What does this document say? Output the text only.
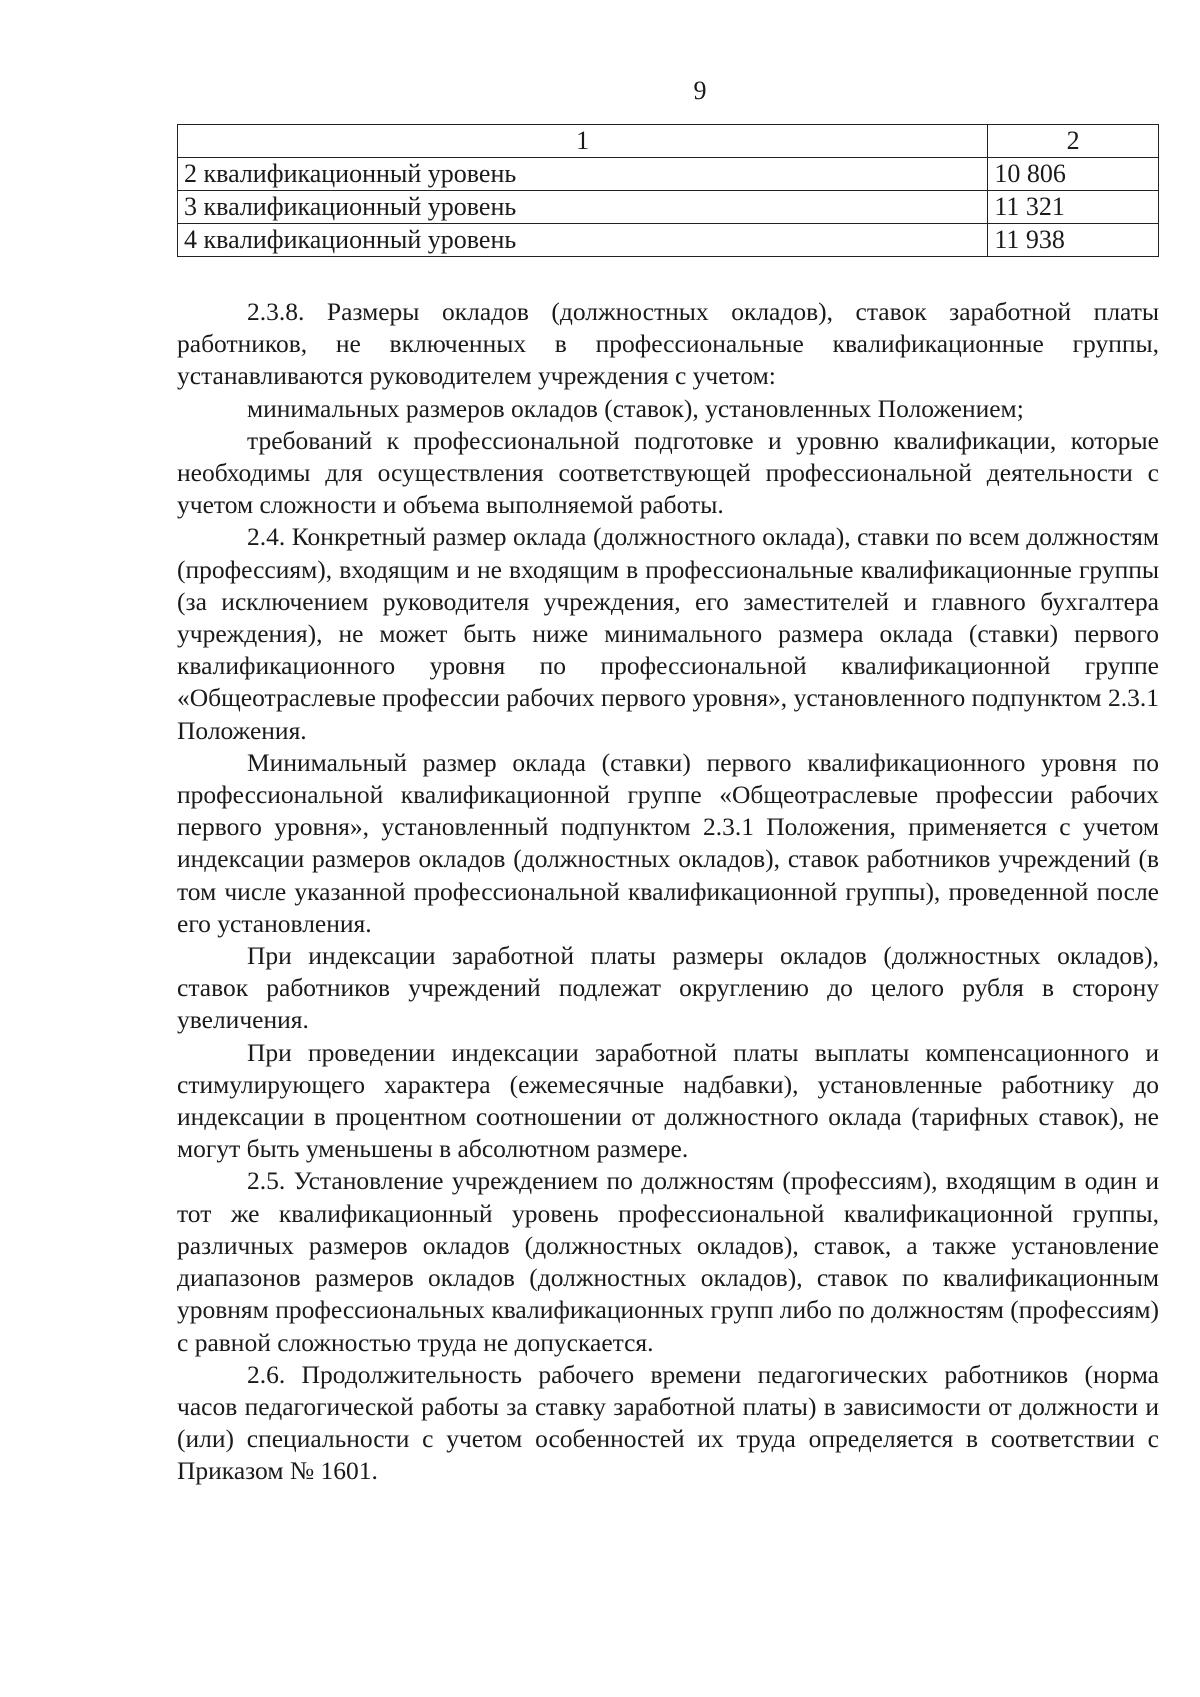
9
1	2
2 квалификационный уровень	10 806
3 квалификационный уровень	11 321
4 квалификационный уровень	11 938

2.3.8. Размеры окладов (должностных окладов), ставок заработной платы работников, не включенных в профессиональные квалификационные группы, устанавливаются руководителем учреждения с учетом:

минимальных размеров окладов (ставок), установленных Положением;

требований к профессиональной подготовке и уровню квалификации, которые необходимы для осуществления соответствующей профессиональной деятельности с учетом сложности и объема выполняемой работы.

2.4. Конкретный размер оклада (должностного оклада), ставки по всем должностям (профессиям), входящим и не входящим в профессиональные квалификационные группы (за исключением руководителя учреждения, его заместителей и главного бухгалтера учреждения), не может быть ниже минимального размера оклада (ставки) первого квалификационного уровня по профессиональной квалификационной группе «Общеотраслевые профессии рабочих первого уровня», установленного подпунктом 2.3.1 Положения.

Минимальный размер оклада (ставки) первого квалификационного уровня по профессиональной квалификационной группе «Общеотраслевые профессии рабочих первого уровня», установленный подпунктом 2.3.1 Положения, применяется с учетом индексации размеров окладов (должностных окладов), ставок работников учреждений (в том числе указанной профессиональной квалификационной группы), проведенной после его установления.

При индексации заработной платы размеры окладов (должностных окладов), ставок работников учреждений подлежат округлению до целого рубля в сторону увеличения.

При проведении индексации заработной платы выплаты компенсационного и стимулирующего характера (ежемесячные надбавки), установленные работнику до индексации в процентном соотношении от должностного оклада (тарифных ставок), не могут быть уменьшены в абсолютном размере.

2.5. Установление учреждением по должностям (профессиям), входящим в один и тот же квалификационный уровень профессиональной квалификационной группы, различных размеров окладов (должностных окладов), ставок, а также установление диапазонов размеров окладов (должностных окладов), ставок по квалификационным уровням профессиональных квалификационных групп либо по должностям (профессиям) с равной сложностью труда не допускается.

2.6. Продолжительность рабочего времени педагогических работников (норма часов педагогической работы за ставку заработной платы) в зависимости от должности и (или) специальности с учетом особенностей их труда определяется в соответствии с Приказом № 1601.
